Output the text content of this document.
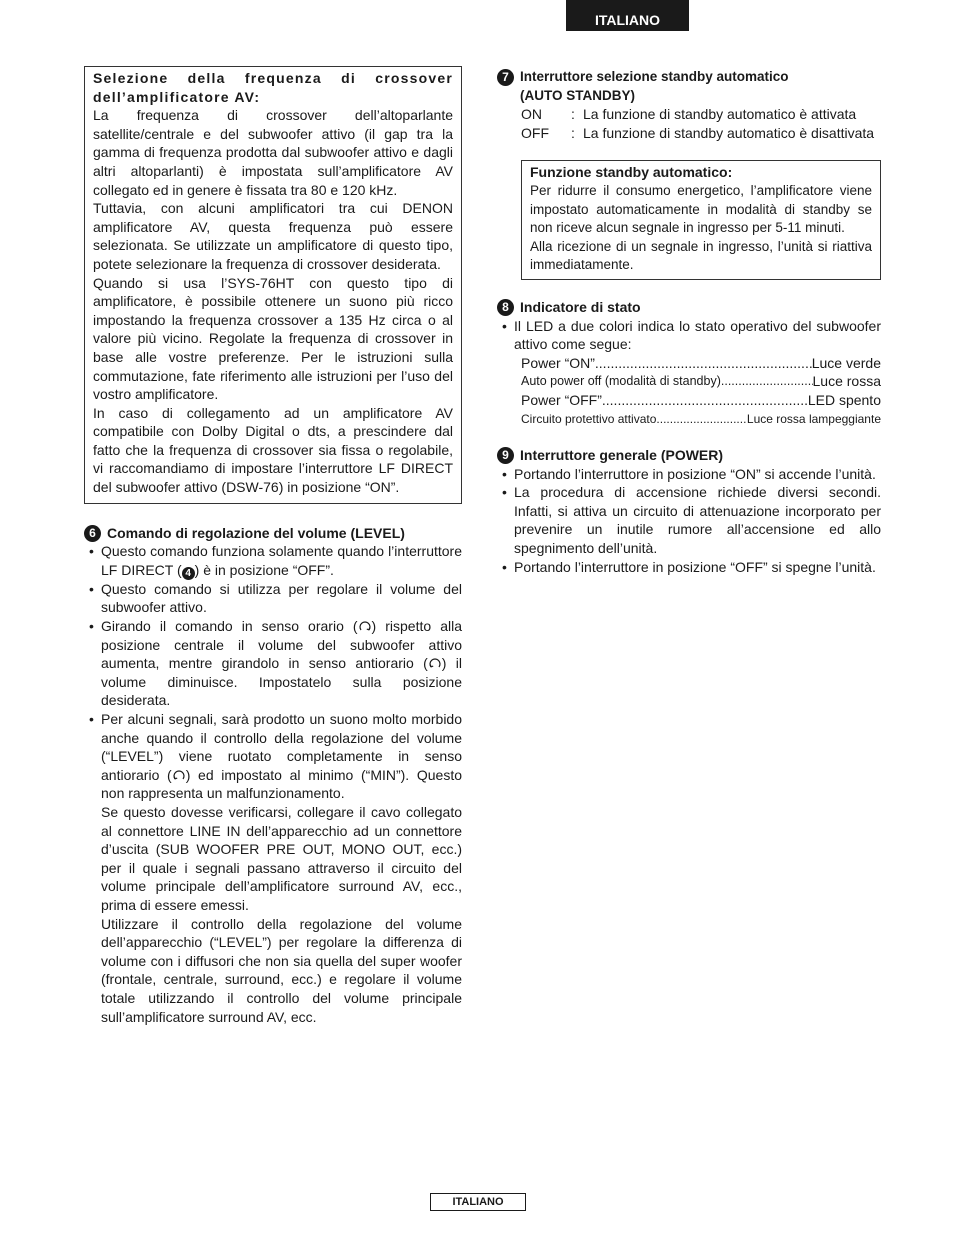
ITALIANO
Selezione della frequenza di crossover dell’amplificatore AV:

La frequenza di crossover dell’altoparlante satellite/centrale e del subwoofer attivo (il gap tra la gamma di frequenza prodotta dal subwoofer attivo e dagli altri altoparlanti) è impostata sull’amplificatore AV collegato ed in genere è fissata tra 80 e 120 kHz.

Tuttavia, con alcuni amplificatori tra cui DENON amplificatore AV, questa frequenza può essere selezionata. Se utilizzate un amplificatore di questo tipo, potete selezionare la frequenza di crossover desiderata.

Quando si usa l’SYS-76HT con questo tipo di amplificatore, è possibile ottenere un suono più ricco impostando la frequenza crossover a 135 Hz circa o al valore più vicino. Regolate la frequenza di crossover in base alle vostre preferenze. Per le istruzioni sulla commutazione, fate riferimento alle istruzioni per l’uso del vostro amplificatore.

In caso di collegamento ad un amplificatore AV compatibile con Dolby Digital o dts, a prescindere dal fatto che la frequenza di crossover sia fissa o regolabile, vi raccomandiamo di impostare l’interruttore LF DIRECT del subwoofer attivo (DSW-76) in posizione “ON”.

6 Comando di regolazione del volume (LEVEL)
• Questo comando funziona solamente quando l’interruttore LF DIRECT ( 4 ) è in posizione “OFF”.
• Questo comando si utilizza per regolare il volume del subwoofer attivo.
• Girando il comando in senso orario ( ) rispetto alla posizione centrale il volume del subwoofer attivo aumenta, mentre girandolo in senso antiorario ( ) il volume diminuisce. Impostatelo sulla posizione desiderata.

• Per alcuni segnali, sarà prodotto un suono molto morbido anche quando il controllo della regolazione del volume (“LEVEL”) viene ruotato completamente in senso antiorario ( ) ed impostato al minimo (“MIN”). Questo non rappresenta un malfunzionamento.

Se questo dovesse verificarsi, collegare il cavo collegato al connettore LINE IN dell’apparecchio ad un connettore d’uscita (SUB WOOFER PRE OUT, MONO OUT, ecc.) per il quale i segnali passano attraverso il circuito del volume principale dell’amplificatore surround AV, ecc., prima di essere emessi.

Utilizzare il controllo della regolazione del volume dell’apparecchio (“LEVEL”) per regolare la differenza di volume con i diffusori che non sia quella del super woofer (frontale, centrale, surround, ecc.) e regolare il volume totale utilizzando il controllo del volume principale sull’amplificatore surround AV, ecc.

7 Interruttore selezione standby automatico
(AUTO STANDBY)
ON	: La funzione di standby automatico è attivata
OFF	: La funzione di standby automatico è disattivata
Funzione standby automatico:

Per ridurre il consumo energetico, l’amplificatore viene impostato automaticamente in modalità di standby se non riceve alcun segnale in ingresso per 5-11 minuti.

Alla ricezione di un segnale in ingresso, l’unità si riattiva immediatamente.

8 Indicatore di stato
• Il LED a due colori indica lo stato operativo del subwoofer attivo come segue:
Power “ON” .....	Luce verde
Auto power off (modalità di standby) .....	Luce rossa
Power “OFF” .....	LED spento
Circuito protettivo attivato .....	Luce rossa lampeggiante
9 Interruttore generale (POWER)
• Portando l’interruttore in posizione “ON” si accende l’unità.
• La procedura di accensione richiede diversi secondi. Infatti, si attiva un circuito di attenuazione incorporato per prevenire un inutile rumore all’accensione ed allo spegnimento dell’unità.
• Portando l’interruttore in posizione “OFF” si spegne l’unità.
ITALIANO
